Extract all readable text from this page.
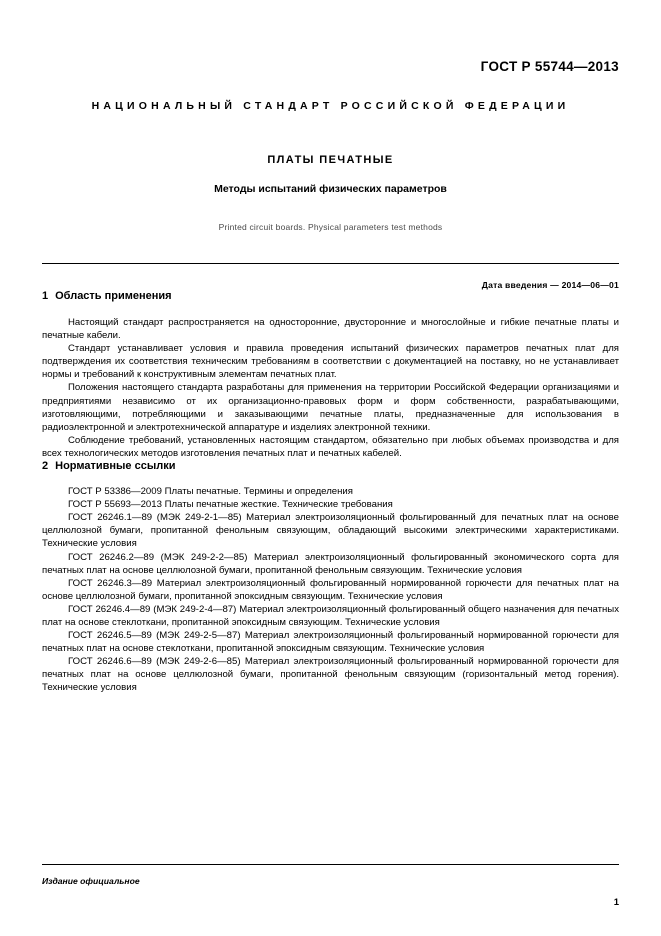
ГОСТ Р 55744—2013
НАЦИОНАЛЬНЫЙ СТАНДАРТ РОССИЙСКОЙ ФЕДЕРАЦИИ
ПЛАТЫ ПЕЧАТНЫЕ
Методы испытаний физических параметров
Printed circuit boards. Physical parameters test methods
Дата введения — 2014—06—01
1 Область применения

Настоящий стандарт распространяется на односторонние, двусторонние и многослойные и гибкие печатные платы и печатные кабели.

Стандарт устанавливает условия и правила проведения испытаний физических параметров печатных плат для подтверждения их соответствия техническим требованиям в соответствии с документацией на поставку, но не устанавливает нормы и требований к конструктивным элементам печатных плат.

Положения настоящего стандарта разработаны для применения на территории Российской Федерации организациями и предприятиями независимо от их организационно-правовых форм и форм собственности, разрабатывающими, изготовляющими, потребляющими и заказывающими печатные платы, предназначенные для использования в радиоэлектронной и электротехнической аппаратуре и изделиях электронной техники.

Соблюдение требований, установленных настоящим стандартом, обязательно при любых объемах производства и для всех технологических методов изготовления печатных плат и печатных кабелей.

2 Нормативные ссылки

ГОСТ Р 53386—2009 Платы печатные. Термины и определения

ГОСТ Р 55693—2013 Платы печатные жесткие. Технические требования

ГОСТ 26246.1—89 (МЭК 249-2-1—85) Материал электроизоляционный фольгированный для печатных плат на основе целлюлозной бумаги, пропитанной фенольным связующим, обладающий высокими электрическими характеристиками. Технические условия

ГОСТ 26246.2—89 (МЭК 249-2-2—85) Материал электроизоляционный фольгированный экономического сорта для печатных плат на основе целлюлозной бумаги, пропитанной фенольным связующим. Технические условия

ГОСТ 26246.3—89 Материал электроизоляционный фольгированный нормированной горючести для печатных плат на основе целлюлозной бумаги, пропитанной эпоксидным связующим. Технические условия

ГОСТ 26246.4—89 (МЭК 249-2-4—87) Материал электроизоляционный фольгированный общего назначения для печатных плат на основе стеклоткани, пропитанной эпоксидным связующим. Технические условия

ГОСТ 26246.5—89 (МЭК 249-2-5—87) Материал электроизоляционный фольгированный нормированной горючести для печатных плат на основе стеклоткани, пропитанной эпоксидным связующим. Технические условия

ГОСТ 26246.6—89 (МЭК 249-2-6—85) Материал электроизоляционный фольгированный нормированной горючести для печатных плат на основе целлюлозной бумаги, пропитанной фенольным связующим (горизонтальный метод горения). Технические условия

Издание официальное
1
